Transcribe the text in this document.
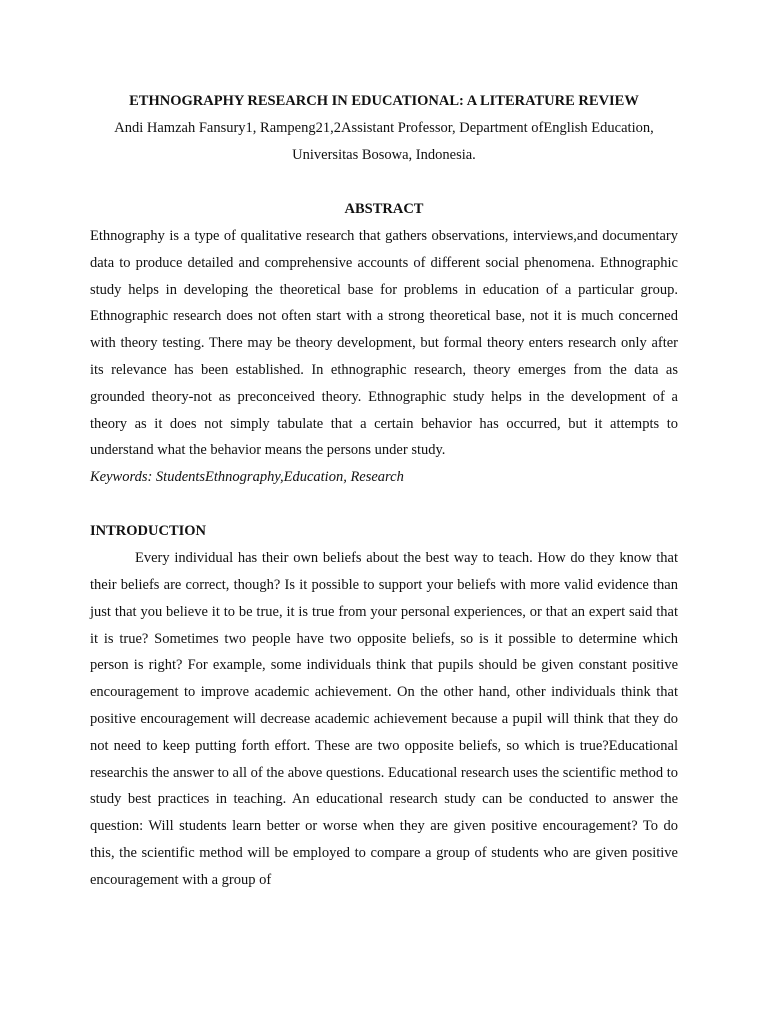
ETHNOGRAPHY RESEARCH IN EDUCATIONAL: A LITERATURE REVIEW
Andi Hamzah Fansury1, Rampeng21,2Assistant Professor, Department ofEnglish Education,
Universitas Bosowa, Indonesia.
ABSTRACT

Ethnography is a type of qualitative research that gathers observations, interviews,and documentary data to produce detailed and comprehensive accounts of different social phenomena. Ethnographic study helps in developing the theoretical base for problems in education of a particular group. Ethnographic research does not often start with a strong theoretical base, not it is much concerned with theory testing. There may be theory development, but formal theory enters research only after its relevance has been established. In ethnographic research, theory emerges from the data as grounded theory-not as preconceived theory. Ethnographic study helps in the development of a theory as it does not simply tabulate that a certain behavior has occurred, but it attempts to understand what the behavior means the persons under study.

Keywords: StudentsEthnography,Education, Research
INTRODUCTION

Every individual has their own beliefs about the best way to teach. How do they know that their beliefs are correct, though? Is it possible to support your beliefs with more valid evidence than just that you believe it to be true, it is true from your personal experiences, or that an expert said that it is true? Sometimes two people have two opposite beliefs, so is it possible to determine which person is right? For example, some individuals think that pupils should be given constant positive encouragement to improve academic achievement. On the other hand, other individuals think that positive encouragement will decrease academic achievement because a pupil will think that they do not need to keep putting forth effort. These are two opposite beliefs, so which is true?Educational researchis the answer to all of the above questions. Educational research uses the scientific method to study best practices in teaching. An educational research study can be conducted to answer the question: Will students learn better or worse when they are given positive encouragement? To do this, the scientific method will be employed to compare a group of students who are given positive encouragement with a group of
